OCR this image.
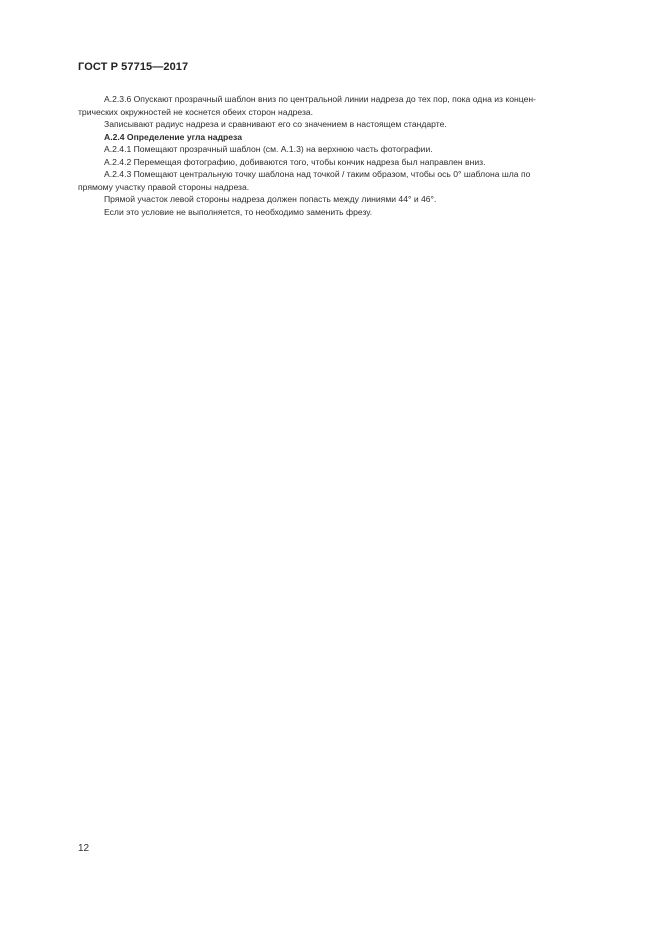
ГОСТ Р 57715—2017

А.2.3.6 Опускают прозрачный шаблон вниз по центральной линии надреза до тех пор, пока одна из концен-
трических окружностей не коснется обеих сторон надреза.

Записывают радиус надреза и сравнивают его со значением в настоящем стандарте.

А.2.4 Определение угла надреза

А.2.4.1 Помещают прозрачный шаблон (см. А.1.3) на верхнюю часть фотографии.

А.2.4.2 Перемещая фотографию, добиваются того, чтобы кончик надреза был направлен вниз.

А.2.4.3 Помещают центральную точку шаблона над точкой / таким образом, чтобы ось 0° шаблона шла по
прямому участку правой стороны надреза.

Прямой участок левой стороны надреза должен попасть между линиями 44° и 46°.

Если это условие не выполняется, то необходимо заменить фрезу.

12
